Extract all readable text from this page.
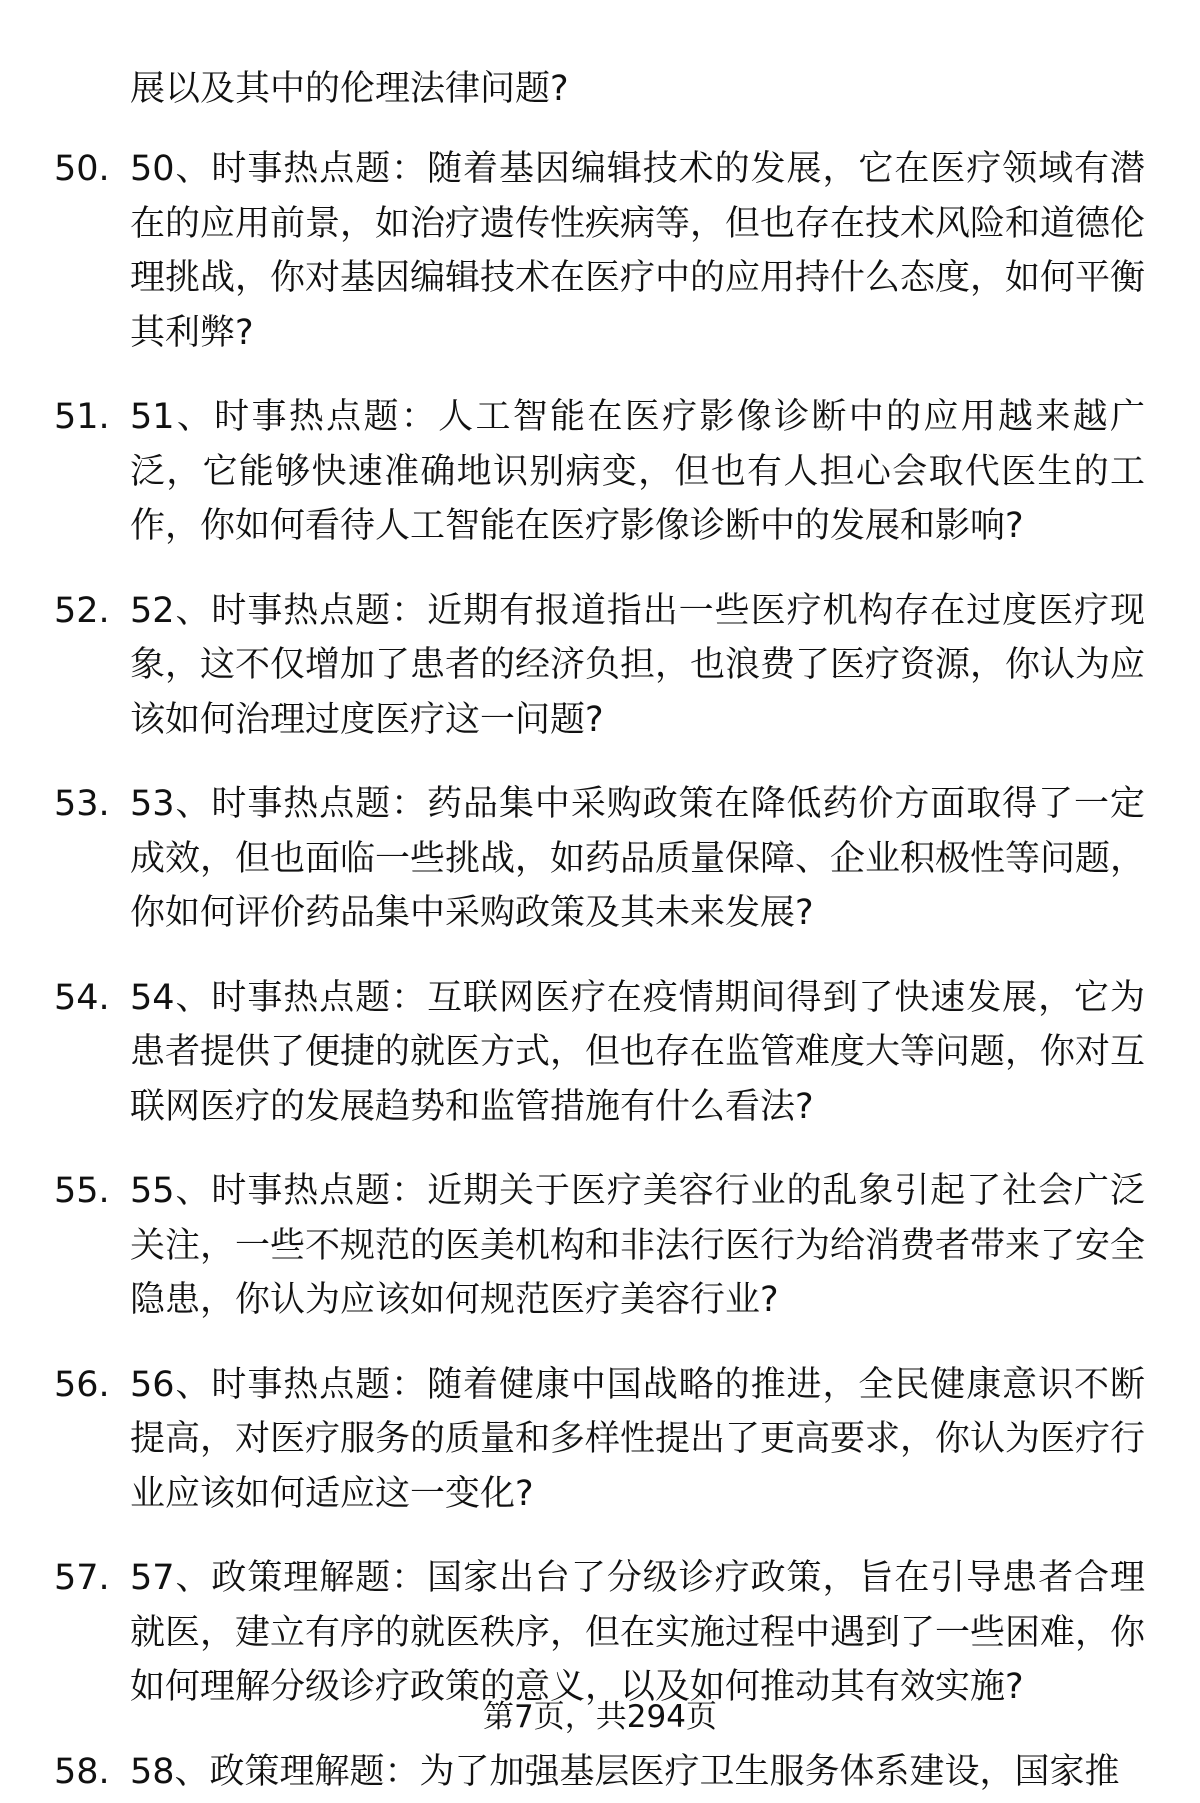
展以及其中的伦理法律问题?
50. 50、时事热点题：随着基因编辑技术的发展，它在医疗领域有潜在的应用前景，如治疗遗传性疾病等，但也存在技术风险和道德伦理挑战，你对基因编辑技术在医疗中的应用持什么态度，如何平衡其利弊?
51. 51、时事热点题：人工智能在医疗影像诊断中的应用越来越广泛，它能够快速准确地识别病变，但也有人担心会取代医生的工作，你如何看待人工智能在医疗影像诊断中的发展和影响?
52. 52、时事热点题：近期有报道指出一些医疗机构存在过度医疗现象，这不仅增加了患者的经济负担，也浪费了医疗资源，你认为应该如何治理过度医疗这一问题?
53. 53、时事热点题：药品集中采购政策在降低药价方面取得了一定成效，但也面临一些挑战，如药品质量保障、企业积极性等问题，你如何评价药品集中采购政策及其未来发展?
54. 54、时事热点题：互联网医疗在疫情期间得到了快速发展，它为患者提供了便捷的就医方式，但也存在监管难度大等问题，你对互联网医疗的发展趋势和监管措施有什么看法?
55. 55、时事热点题：近期关于医疗美容行业的乱象引起了社会广泛关注，一些不规范的医美机构和非法行医行为给消费者带来了安全隐患，你认为应该如何规范医疗美容行业?
56. 56、时事热点题：随着健康中国战略的推进，全民健康意识不断提高，对医疗服务的质量和多样性提出了更高要求，你认为医疗行业应该如何适应这一变化?
57. 57、政策理解题：国家出台了分级诊疗政策，旨在引导患者合理就医，建立有序的就医秩序，但在实施过程中遇到了一些困难，你如何理解分级诊疗政策的意义，以及如何推动其有效实施?
58. 58、政策理解题：为了加强基层医疗卫生服务体系建设，国家推
第7页，共294页
